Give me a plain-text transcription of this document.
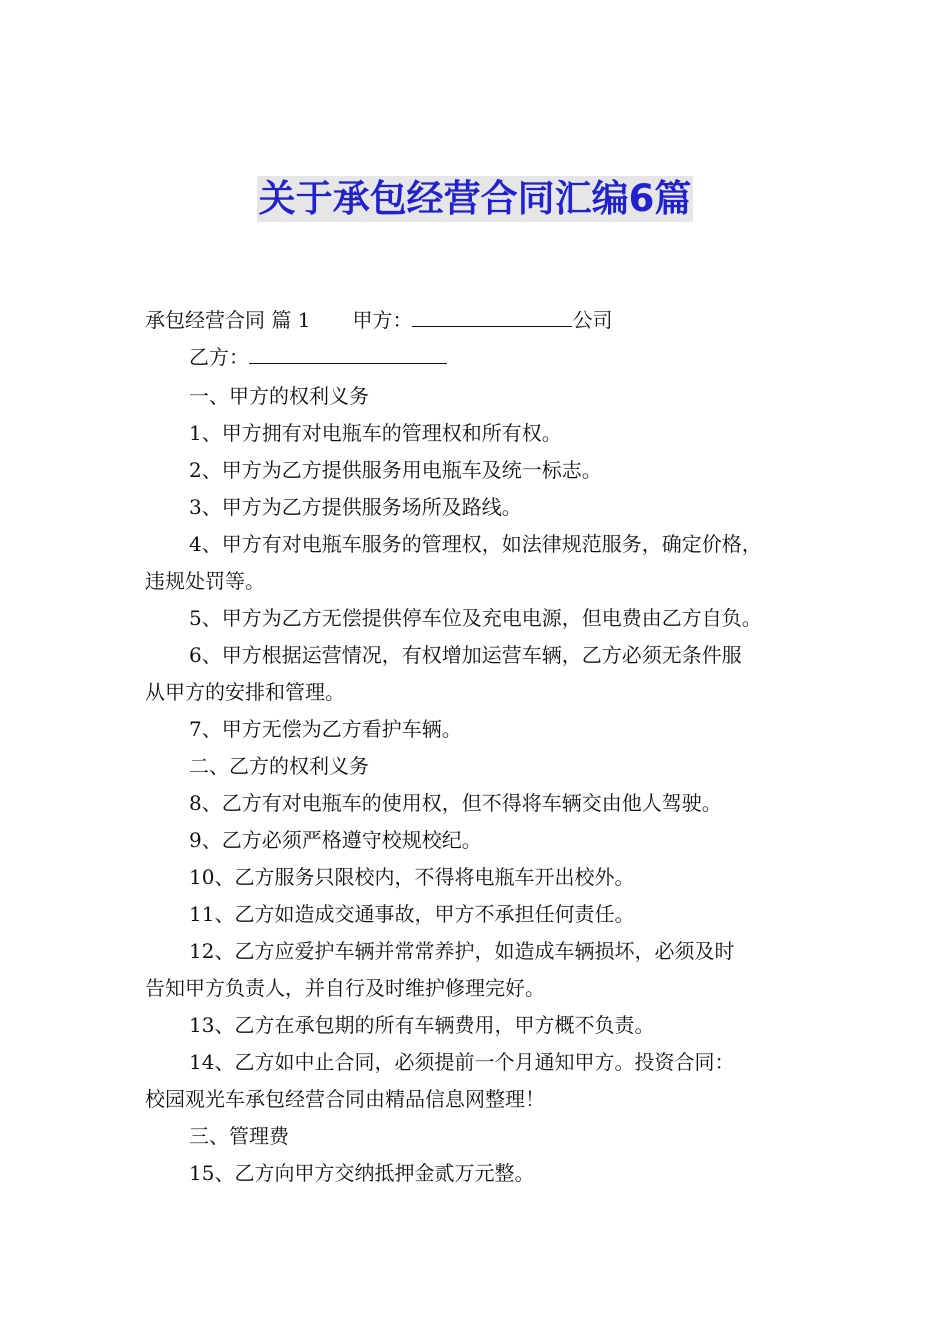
关于承包经营合同汇编6篇
承包经营合同 篇 1 甲方：	公司
乙方：
一、甲方的权利义务
1、甲方拥有对电瓶车的管理权和所有权。
2、甲方为乙方提供服务用电瓶车及统一标志。
3、甲方为乙方提供服务场所及路线。
4、甲方有对电瓶车服务的管理权，如法律规范服务，确定价格，
违规处罚等。
5、甲方为乙方无偿提供停车位及充电电源，但电费由乙方自负。
6、甲方根据运营情况，有权增加运营车辆，乙方必须无条件服
从甲方的安排和管理。
7、甲方无偿为乙方看护车辆。
二、乙方的权利义务
8、乙方有对电瓶车的使用权，但不得将车辆交由他人驾驶。
9、乙方必须严格遵守校规校纪。
10、乙方服务只限校内，不得将电瓶车开出校外。
11、乙方如造成交通事故，甲方不承担任何责任。
12、乙方应爱护车辆并常常养护，如造成车辆损坏，必须及时
告知甲方负责人，并自行及时维护修理完好。
13、乙方在承包期的所有车辆费用，甲方概不负责。
14、乙方如中止合同，必须提前一个月通知甲方。投资合同：
校园观光车承包经营合同由精品信息网整理！
三、管理费
15、乙方向甲方交纳抵押金贰万元整。
